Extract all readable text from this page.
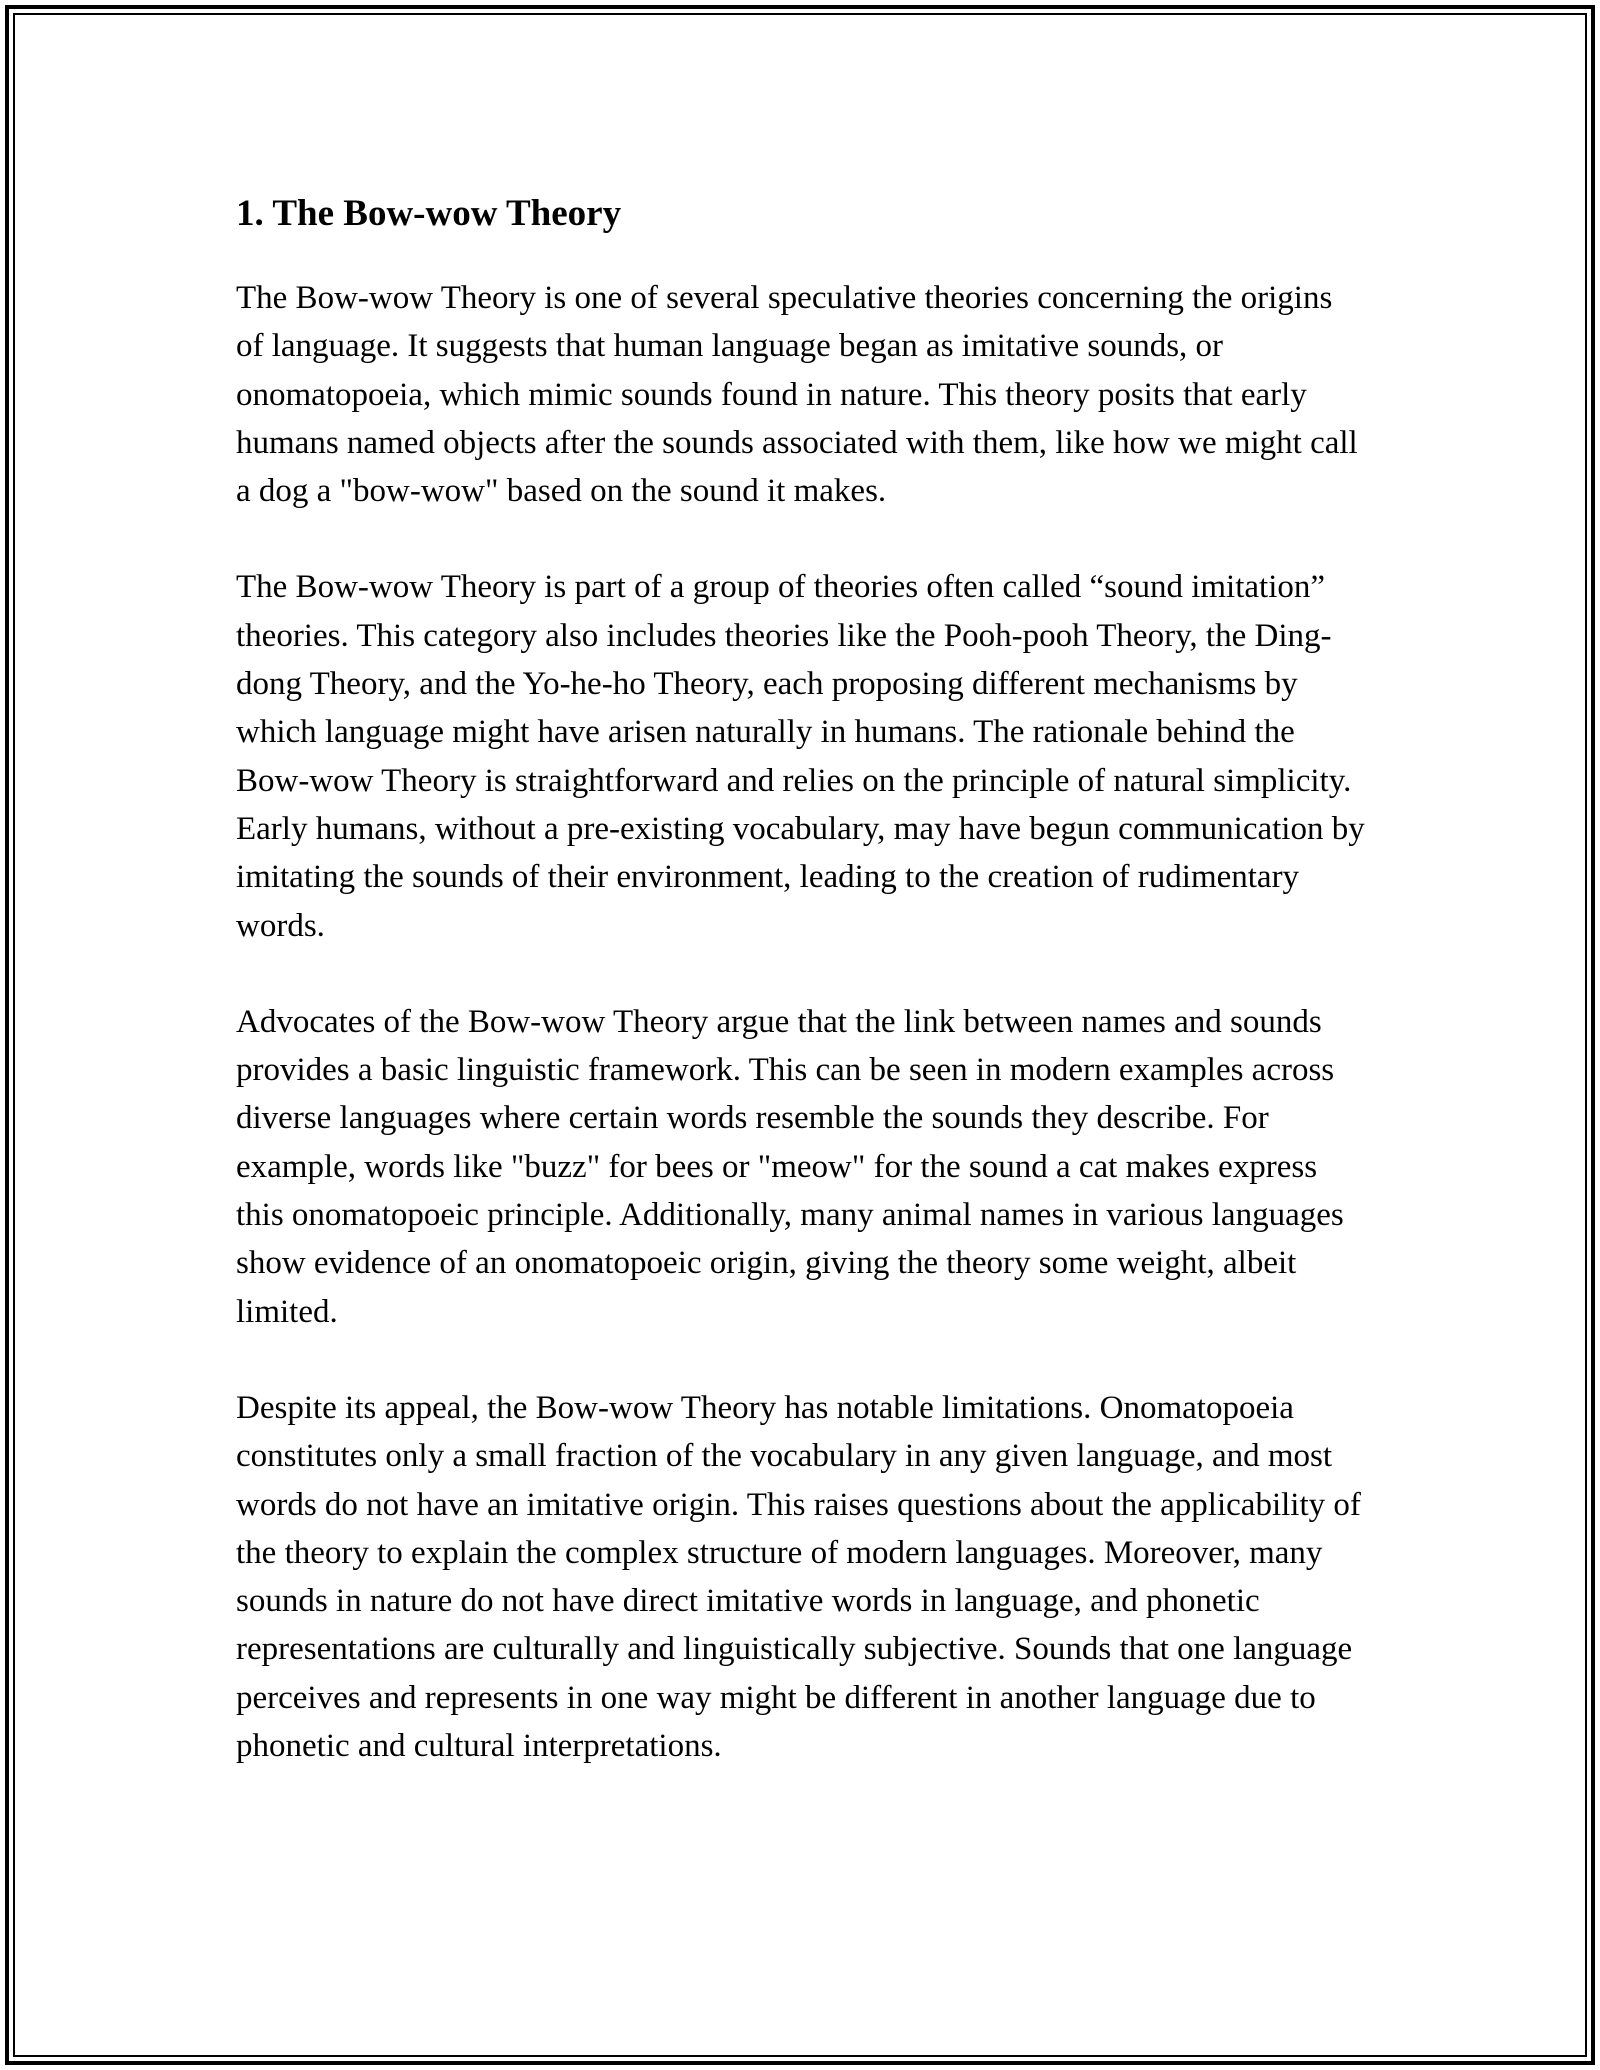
1. The Bow-wow Theory

The Bow-wow Theory is one of several speculative theories concerning the origins of language. It suggests that human language began as imitative sounds, or onomatopoeia, which mimic sounds found in nature. This theory posits that early humans named objects after the sounds associated with them, like how we might call a dog a "bow-wow" based on the sound it makes.

The Bow-wow Theory is part of a group of theories often called “sound imitation” theories. This category also includes theories like the Pooh-pooh Theory, the Ding-dong Theory, and the Yo-he-ho Theory, each proposing different mechanisms by which language might have arisen naturally in humans. The rationale behind the Bow-wow Theory is straightforward and relies on the principle of natural simplicity. Early humans, without a pre-existing vocabulary, may have begun communication by imitating the sounds of their environment, leading to the creation of rudimentary words.

Advocates of the Bow-wow Theory argue that the link between names and sounds provides a basic linguistic framework. This can be seen in modern examples across diverse languages where certain words resemble the sounds they describe. For example, words like "buzz" for bees or "meow" for the sound a cat makes express this onomatopoeic principle. Additionally, many animal names in various languages show evidence of an onomatopoeic origin, giving the theory some weight, albeit limited.

Despite its appeal, the Bow-wow Theory has notable limitations. Onomatopoeia constitutes only a small fraction of the vocabulary in any given language, and most words do not have an imitative origin. This raises questions about the applicability of the theory to explain the complex structure of modern languages. Moreover, many sounds in nature do not have direct imitative words in language, and phonetic representations are culturally and linguistically subjective. Sounds that one language perceives and represents in one way might be different in another language due to phonetic and cultural interpretations.
